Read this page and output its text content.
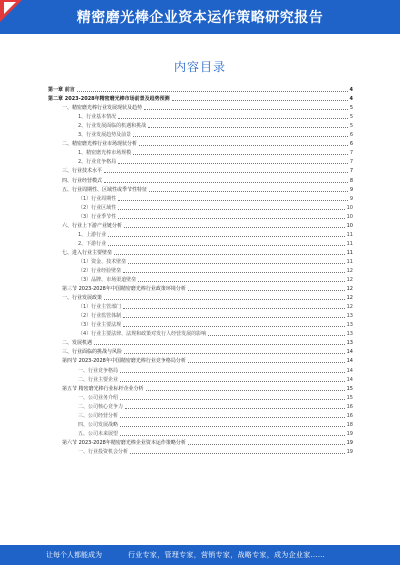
精密磨光棒企业资本运作策略研究报告
内容目录
第一章 前言	4
第二章 2023-2028年精密磨光棒市场前景及趋势预测	4
一、精密磨光棒行业发展现状及趋势	5
1、行业基本情况	5
2、行业发展面临的机遇和挑战	5
3、行业发展趋势及前景	6
二、精密磨光棒行业市场现状分析	6
1、精密磨光棒市场规模	7
2、行业竞争格局	7
三、行业技术水平	7
四、行业经营模式	8
五、行业周期性、区域性或季节性特征	9
（1）行业周期性	9
（2）行业区域性	10
（3）行业季节性	10
六、行业上下游产业链分析	10
1、上游行业	11
2、下游行业	11
七、进入行业主要壁垒	11
（1）资金、技术壁垒	11
（2）行业经验壁垒	12
（3）品牌、市场渠道壁垒	12
第三节 2023-2028年中国精密磨光棒行业政策环境分析	12
一、行业发展政策	12
（1）行业主管部门	12
（2）行业监管体制	13
（3）行业主要法规	13
（4）行业主要法律、法规和政策对发行人经营发展的影响	13
二、发展机遇	13
三、行业面临的挑战与风险	14
第四节 2023-2028年中国精密磨光棒行业竞争格局分析	14
一、行业竞争格局	14
二、行业主要企业	14
第五节 精密磨光棒行业标杆企业分析	15
一、公司业务介绍	15
二、公司核心竞争力	16
三、公司经营分析	16
四、公司发展战略	18
五、公司未来展望	19
第六节 2023-2028年精密磨光棒企业资本运作策略分析	19
一、行业投资机会分析	19
让每个人都能成为	行业专家，管理专家，营销专家，战略专家，成为企业家……
